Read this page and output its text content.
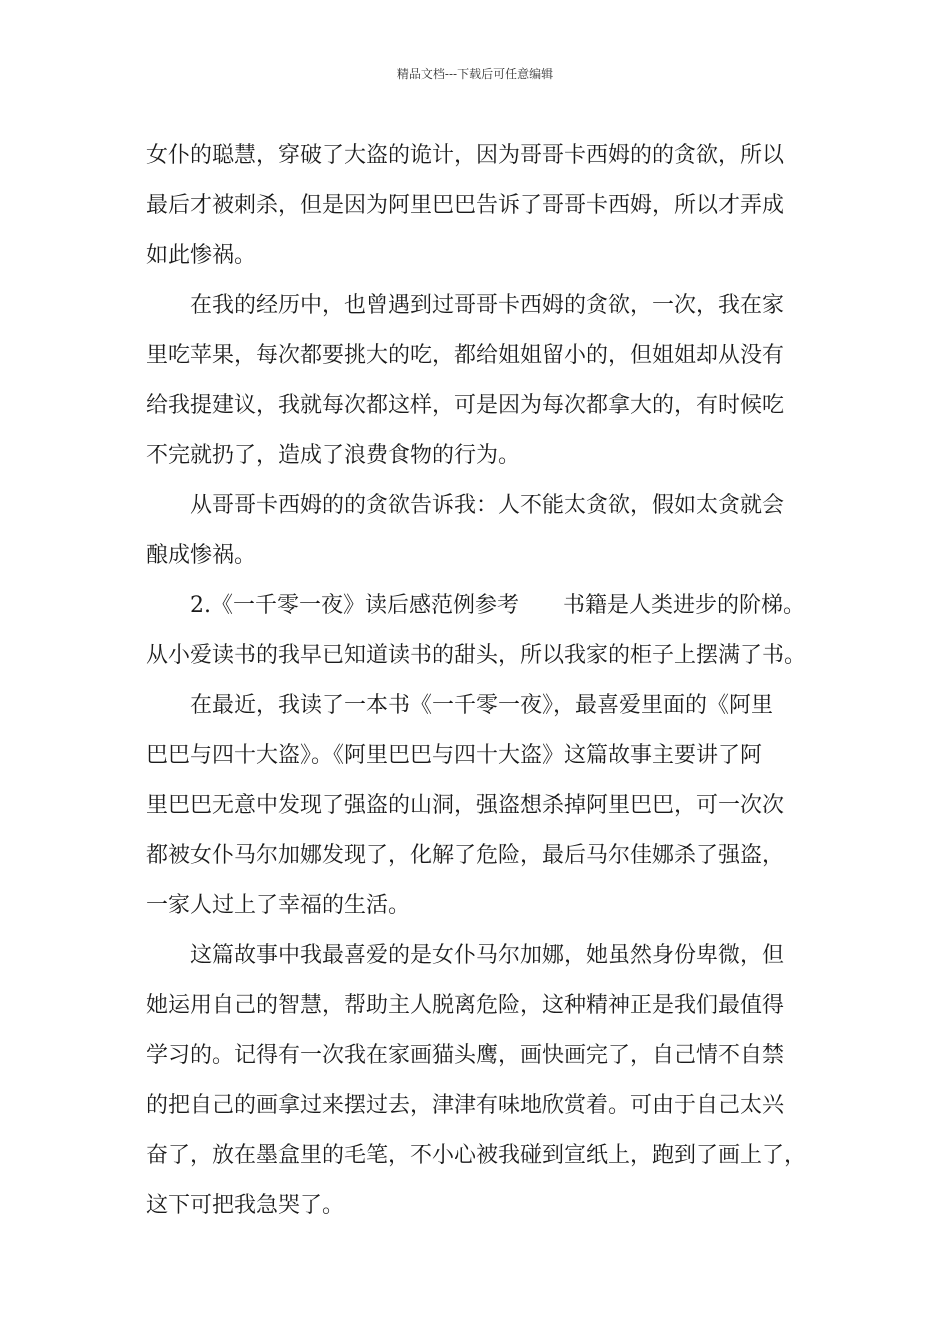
精品文档---下载后可任意编辑
女仆的聪慧，穿破了大盗的诡计，因为哥哥卡西姆的的贪欲，所以
最后才被刺杀，但是因为阿里巴巴告诉了哥哥卡西姆，所以才弄成
如此惨祸。
在我的经历中，也曾遇到过哥哥卡西姆的贪欲，一次，我在家
里吃苹果，每次都要挑大的吃，都给姐姐留小的，但姐姐却从没有
给我提建议，我就每次都这样，可是因为每次都拿大的，有时候吃
不完就扔了，造成了浪费食物的行为。
从哥哥卡西姆的的贪欲告诉我：人不能太贪欲，假如太贪就会
酿成惨祸。
2.《一千零一夜》读后感范例参考　　书籍是人类进步的阶梯。
从小爱读书的我早已知道读书的甜头，所以我家的柜子上摆满了书。
在最近，我读了一本书《一千零一夜》，最喜爱里面的《阿里
巴巴与四十大盗》。《阿里巴巴与四十大盗》这篇故事主要讲了阿
里巴巴无意中发现了强盗的山洞，强盗想杀掉阿里巴巴，可一次次
都被女仆马尔加娜发现了，化解了危险，最后马尔佳娜杀了强盗，
一家人过上了幸福的生活。
这篇故事中我最喜爱的是女仆马尔加娜，她虽然身份卑微，但
她运用自己的智慧，帮助主人脱离危险，这种精神正是我们最值得
学习的。记得有一次我在家画猫头鹰，画快画完了，自己情不自禁
的把自己的画拿过来摆过去，津津有味地欣赏着。可由于自己太兴
奋了，放在墨盒里的毛笔，不小心被我碰到宣纸上，跑到了画上了，
这下可把我急哭了。
